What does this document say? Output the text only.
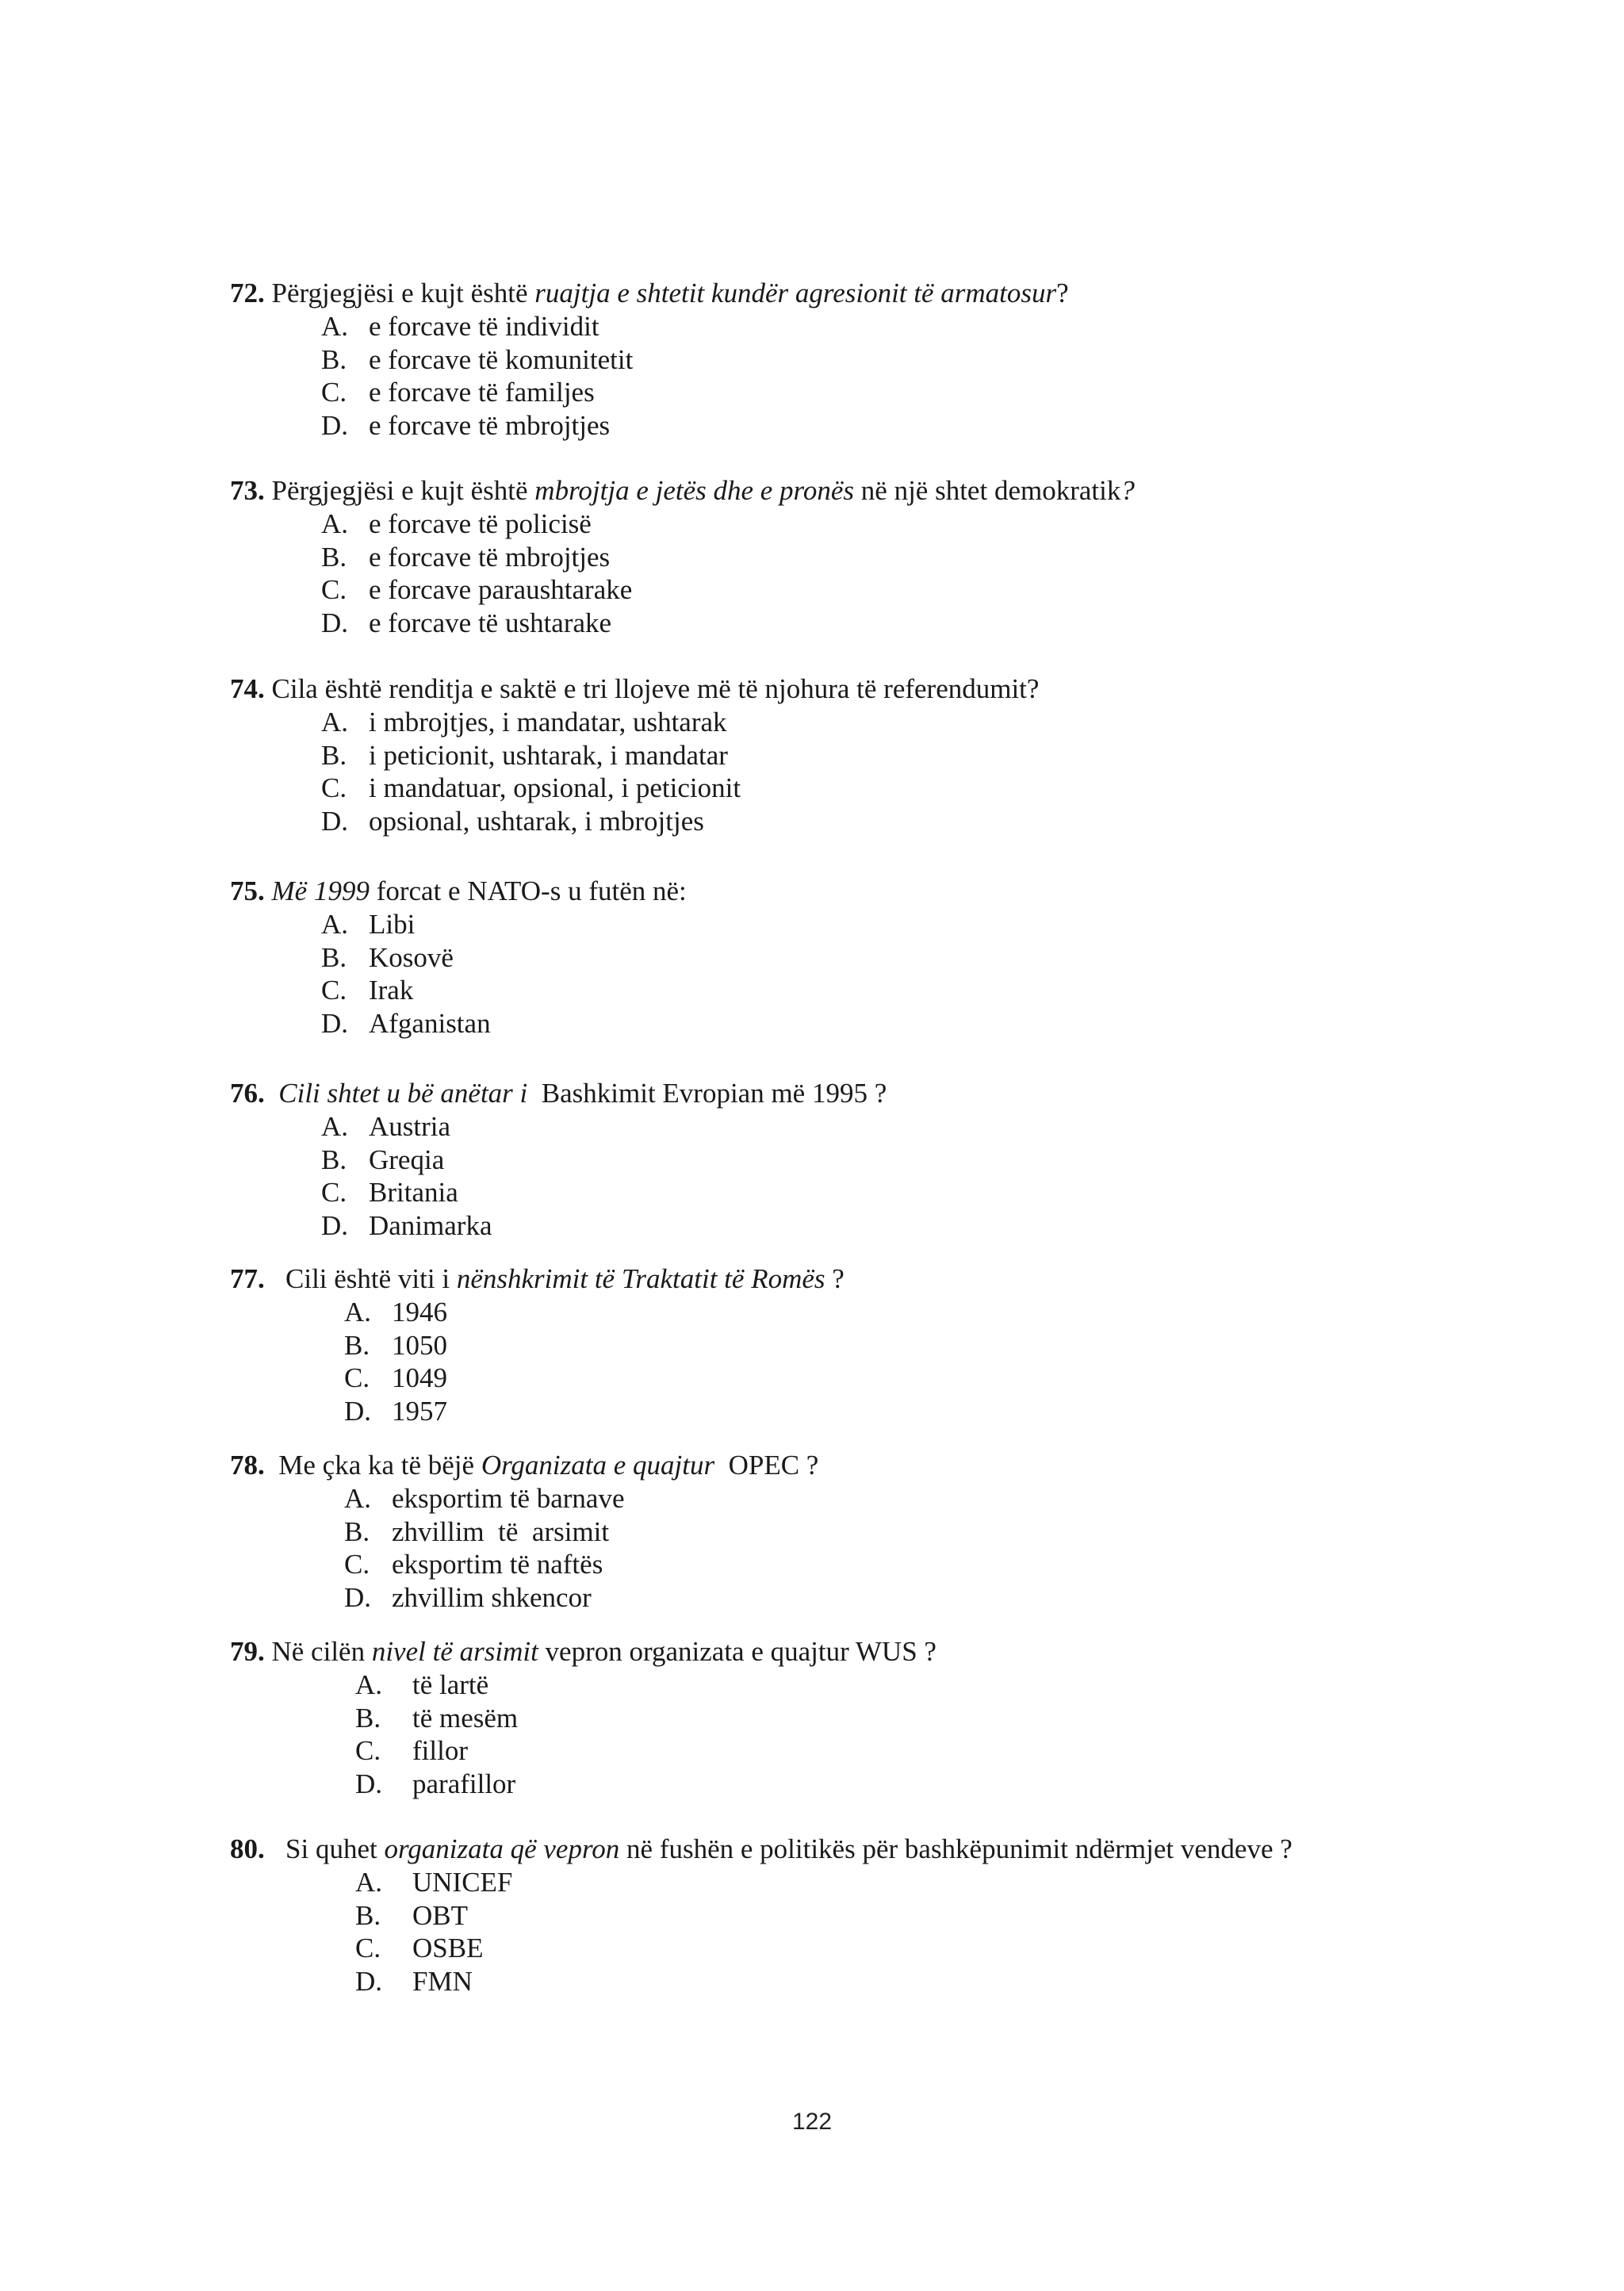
72. Përgjegjësi e kujt është ruajtja e shtetit kundër agresionit të armatosur?
A. e forcave të individit
B. e forcave të komunitetit
C. e forcave të familjes
D. e forcave të mbrojtjes
73. Përgjegjësi e kujt është mbrojtja e jetës dhe e pronës në një shtet demokratik?
A. e forcave të policisë
B. e forcave të mbrojtjes
C. e forcave paraushtarake
D. e forcave të ushtarake
74. Cila është renditja e saktë e tri llojeve më të njohura të referendumit?
A. i mbrojtjes, i mandatar, ushtarak
B. i peticionit, ushtarak, i mandatar
C. i mandatuar, opsional, i peticionit
D. opsional, ushtarak, i mbrojtjes
75. Më 1999 forcat e NATO-s u futën në:
A. Libi
B. Kosovë
C. Irak
D. Afganistan
76. Cili shtet u bë anëtar i  Bashkimit Evropian më 1995 ?
A. Austria
B. Greqia
C. Britania
D. Danimarka
77.   Cili është viti i nënshkrimit të Traktatit të Romës ?
A. 1946
B. 1050
C. 1049
D. 1957
78.  Me çka ka të bëjë Organizata e quajtur  OPEC ?
A. eksportim të barnave
B. zhvillim  të  arsimit
C. eksportim të naftës
D. zhvillim shkencor
79. Në cilën nivel të arsimit vepron organizata e quajtur WUS ?
A. të lartë
B. të mesëm
C. fillor
D. parafillor
80.   Si quhet organizata që vepron në fushën e politikës për bashkëpunimit ndërmjet vendeve ?
A. UNICEF
B. OBT
C. OSBE
D. FMN
122
